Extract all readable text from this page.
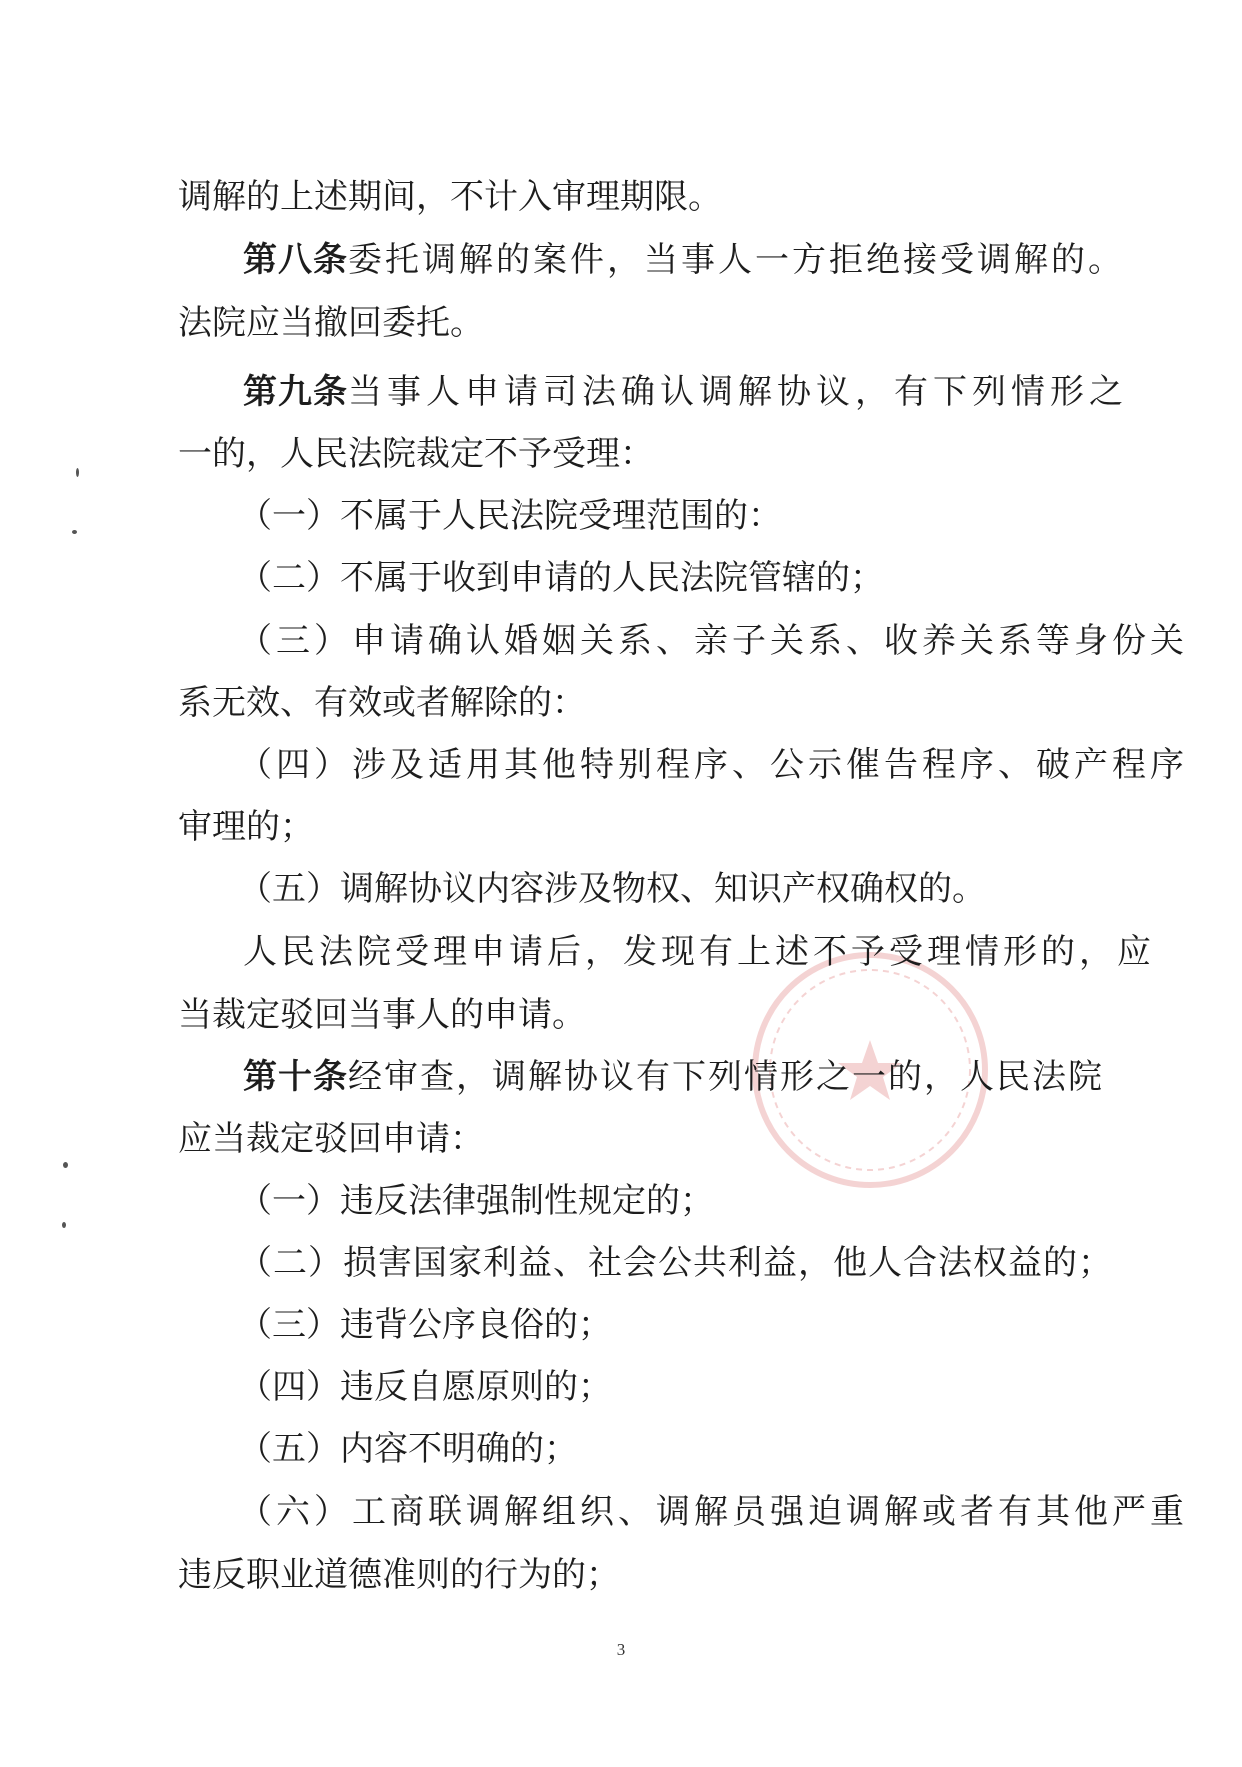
调解的上述期间，不计入审理期限。
第八条 委托调解的案件，当事人一方拒绝接受调解的。
法院应当撤回委托。
第九条 当事人申请司法确认调解协议，有下列情形之
一的，人民法院裁定不予受理：
（一）不属于人民法院受理范围的：
（二）不属于收到申请的人民法院管辖的；
（三）申请确认婚姻关系、亲子关系、收养关系等身份关
系无效、有效或者解除的：
（四）涉及适用其他特别程序、公示催告程序、破产程序
审理的；
（五）调解协议内容涉及物权、知识产权确权的。
人民法院受理申请后，发现有上述不予受理情形的，应
当裁定驳回当事人的申请。
第十条 经审查，调解协议有下列情形之一的，人民法院
应当裁定驳回申请：
（一）违反法律强制性规定的；
（二）损害国家利益、社会公共利益，他人合法权益的；
（三）违背公序良俗的；
（四）违反自愿原则的；
（五）内容不明确的；
（六）工商联调解组织、调解员强迫调解或者有其他严重
违反职业道德准则的行为的；
3
